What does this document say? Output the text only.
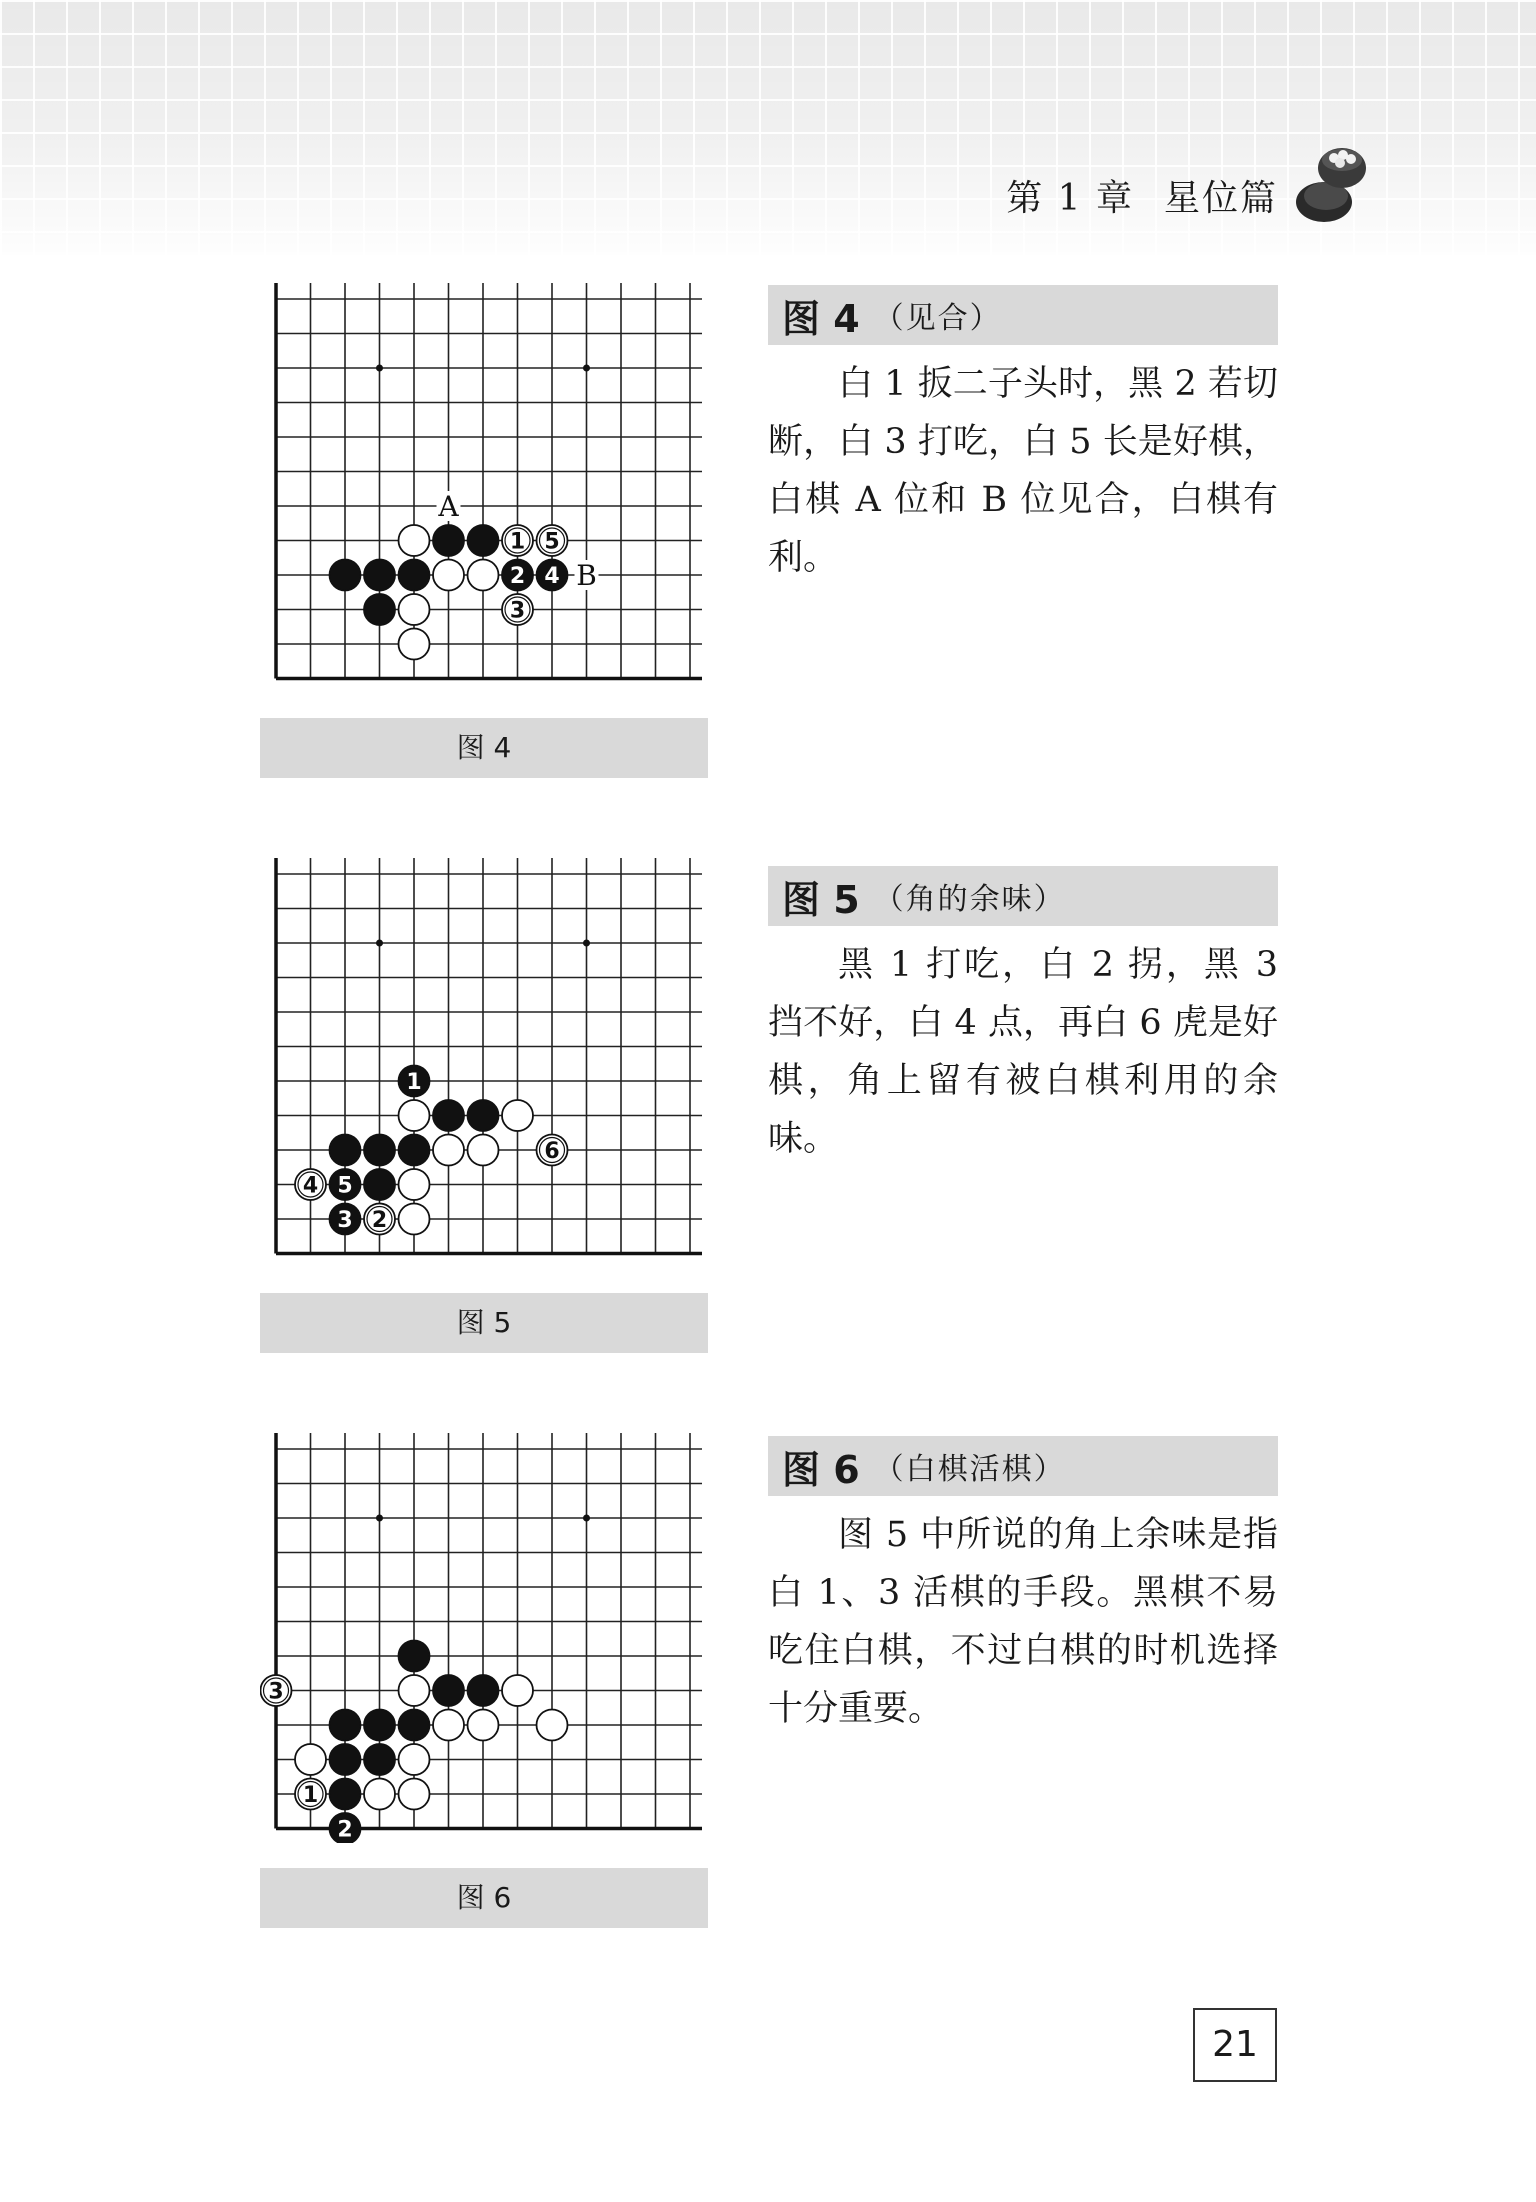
第 1 章 星位篇
A
B
1 5
2 4
3
图 4
图 4 （见合）

白 1 扳二子头时，黑 2 若切断，白 3 打吃，白 5 长是好棋，白棋 A 位和 B 位见合，白棋有利。

1
6
4 5
3 2
图 5
图 5 （角的余味）

黑 1 打吃，白 2 拐，黑 3 挡不好，白 4 点，再白 6 虎是好棋，角上留有被白棋利用的余味。

3
1
2
图 6
图 6 （白棋活棋）

图 5 中所说的角上余味是指白 1、3 活棋的手段。黑棋不易吃住白棋，不过白棋的时机选择十分重要。

21
